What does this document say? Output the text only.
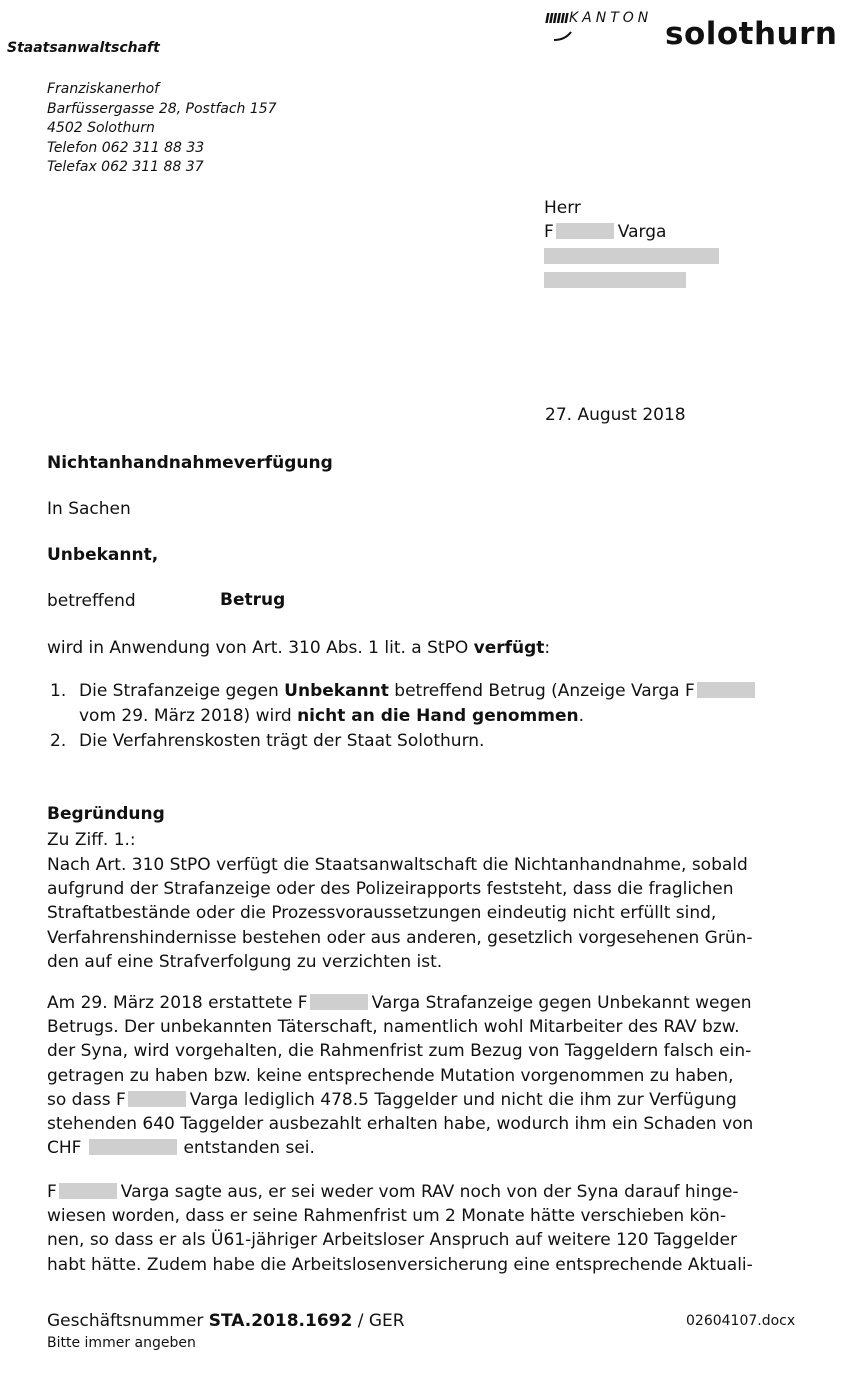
Staatsanwaltschaft
IIIIII KANTON solothurn
Franziskanerhof
Barfüssergasse 28, Postfach 157
4502 Solothurn
Telefon 062 311 88 33
Telefax 062 311 88 37
Herr
F	Varga
27. August 2018
Nichtanhandnahmeverfügung
In Sachen
Unbekannt,
betreffend	Betrug
wird in Anwendung von Art. 310 Abs. 1 lit. a StPO verfügt:
1. Die Strafanzeige gegen Unbekannt betreffend Betrug (Anzeige Varga F
vom 29. März 2018) wird nicht an die Hand genommen.
2. Die Verfahrenskosten trägt der Staat Solothurn.
Begründung
Zu Ziff. 1.:
Nach Art. 310 StPO verfügt die Staatsanwaltschaft die Nichtanhandnahme, sobald
aufgrund der Strafanzeige oder des Polizeirapports feststeht, dass die fraglichen
Straftatbestände oder die Prozessvoraussetzungen eindeutig nicht erfüllt sind,
Verfahrenshindernisse bestehen oder aus anderen, gesetzlich vorgesehenen Grün-
den auf eine Strafverfolgung zu verzichten ist.
Am 29. März 2018 erstattete F	Varga Strafanzeige gegen Unbekannt wegen
Betrugs. Der unbekannten Täterschaft, namentlich wohl Mitarbeiter des RAV bzw.
der Syna, wird vorgehalten, die Rahmenfrist zum Bezug von Taggeldern falsch ein-
getragen zu haben bzw. keine entsprechende Mutation vorgenommen zu haben,
so dass F	Varga lediglich 478.5 Taggelder und nicht die ihm zur Verfügung
stehenden 640 Taggelder ausbezahlt erhalten habe, wodurch ihm ein Schaden von
CHF	entstanden sei.
F	Varga sagte aus, er sei weder vom RAV noch von der Syna darauf hinge-
wiesen worden, dass er seine Rahmenfrist um 2 Monate hätte verschieben kön-
nen, so dass er als Ü61-jähriger Arbeitsloser Anspruch auf weitere 120 Taggelder
habt hätte. Zudem habe die Arbeitslosenversicherung eine entsprechende Aktuali-
Geschäftsnummer STA.2018.1692 / GER
Bitte immer angeben
02604107.docx
